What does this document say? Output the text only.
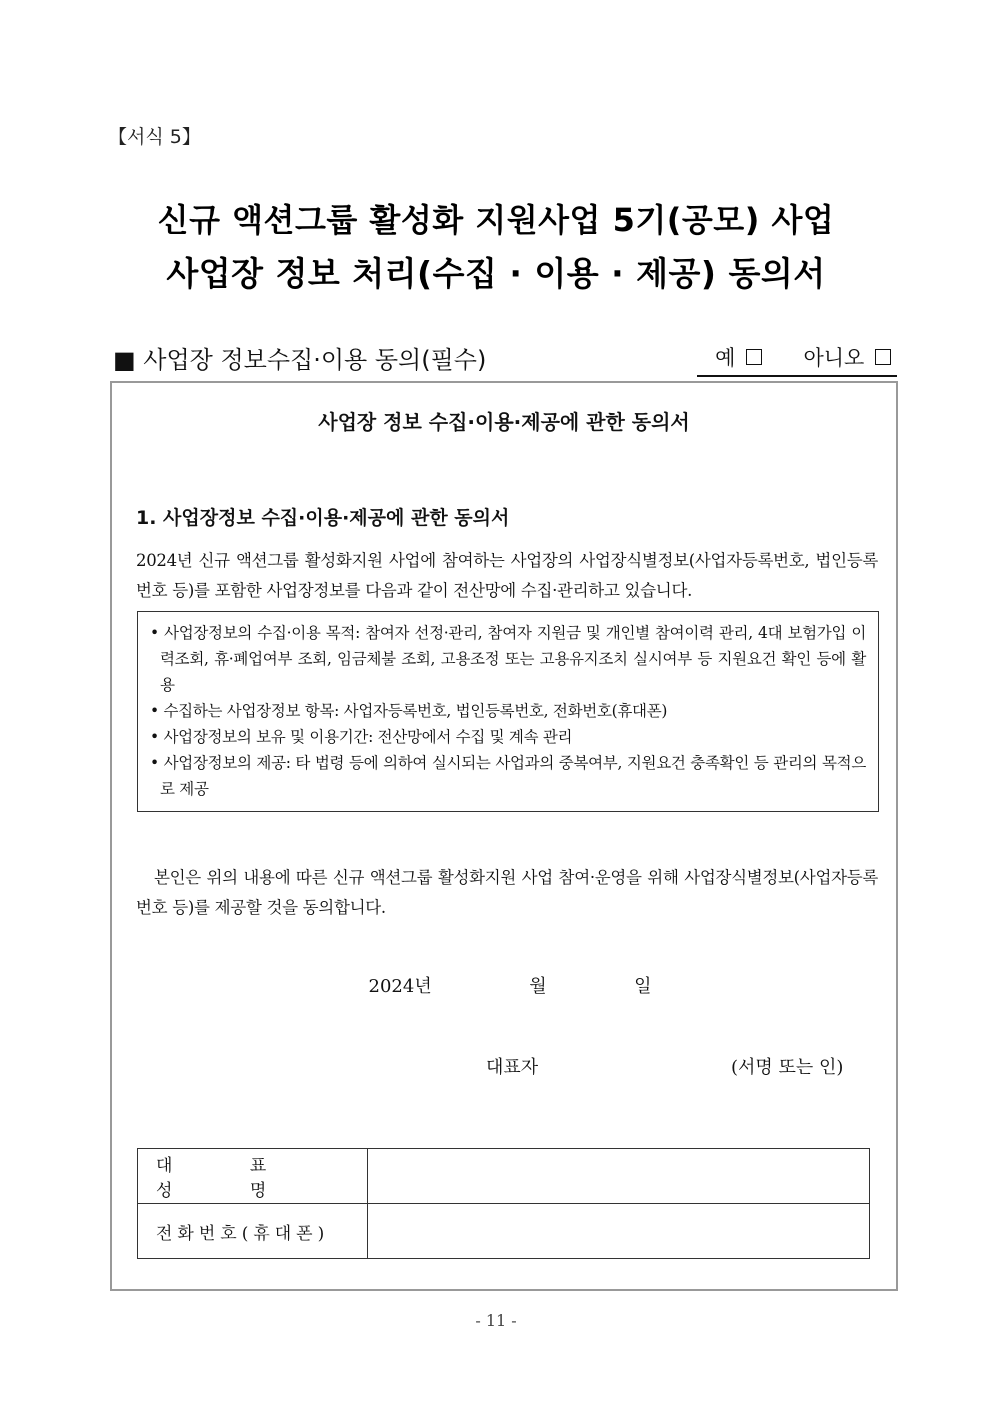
【서식 5】
신규 액션그룹 활성화 지원사업 5기(공모) 사업
사업장 정보 처리(수집 · 이용 · 제공) 동의서
■ 사업장 정보수집·이용 동의(필수)	예	아니오
사업장 정보 수집·이용·제공에 관한 동의서
1. 사업장정보 수집·이용·제공에 관한 동의서
2024년 신규 액션그룹 활성화지원 사업에 참여하는 사업장의 사업장식별정보(사업자등록번호, 법인등록번호 등)를 포함한 사업장정보를 다음과 같이 전산망에 수집·관리하고 있습니다.
• 사업장정보의 수집·이용 목적: 참여자 선정·관리, 참여자 지원금 및 개인별 참여이력 관리, 4대 보험가입 이력조회, 휴·폐업여부 조회, 임금체불 조회, 고용조정 또는 고용유지조치 실시여부 등 지원요건 확인 등에 활용
• 수집하는 사업장정보 항목: 사업자등록번호, 법인등록번호, 전화번호(휴대폰)
• 사업장정보의 보유 및 이용기간: 전산망에서 수집 및 계속 관리
• 사업장정보의 제공: 타 법령 등에 의하여 실시되는 사업과의 중복여부, 지원요건 충족확인 등 관리의 목적으로 제공
본인은 위의 내용에 따른 신규 액션그룹 활성화지원 사업 참여·운영을 위해 사업장식별정보(사업자등록번호 등)를 제공할 것을 동의합니다.
2024년	월	일
대표자	(서명 또는 인)
대 표 성 명	
전화번호(휴대폰)	
- 11 -
